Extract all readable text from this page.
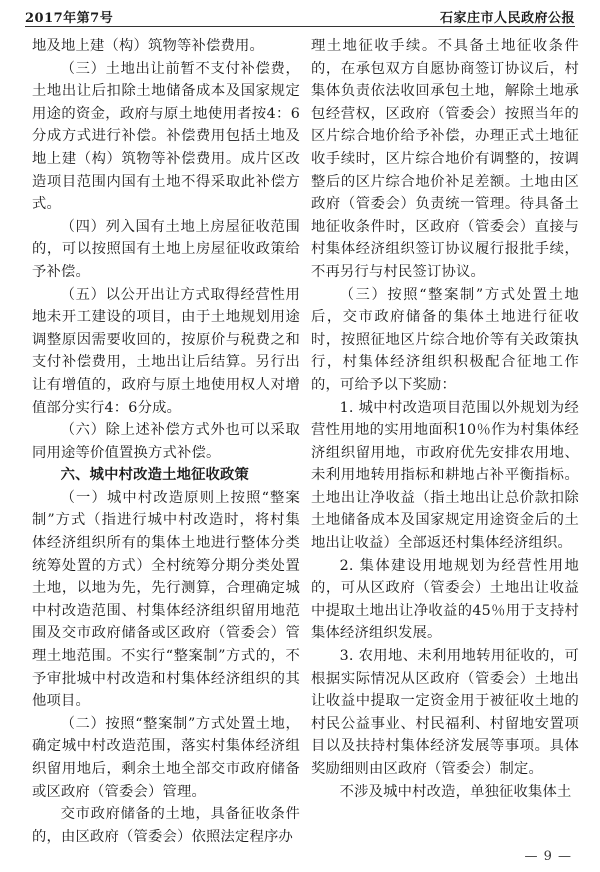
2017年第7号	石家庄市人民政府公报

地及地上建（构）筑物等补偿费用。

（三）土地出让前暂不支付补偿费，土地出让后扣除土地储备成本及国家规定用途的资金，政府与原土地使用者按4：6分成方式进行补偿。补偿费用包括土地及地上建（构）筑物等补偿费用。成片区改造项目范围内国有土地不得采取此补偿方式。

（四）列入国有土地上房屋征收范围的，可以按照国有土地上房屋征收政策给予补偿。

（五）以公开出让方式取得经营性用地未开工建设的项目，由于土地规划用途调整原因需要收回的，按原价与税费之和支付补偿费用，土地出让后结算。另行出让有增值的，政府与原土地使用权人对增值部分实行4：6分成。

（六）除上述补偿方式外也可以采取同用途等价值置换方式补偿。

六、城中村改造土地征收政策

（一）城中村改造原则上按照“整案制”方式（指进行城中村改造时，将村集体经济组织所有的集体土地进行整体分类统筹处置的方式）全村统筹分期分类处置土地，以地为先，先行测算，合理确定城中村改造范围、村集体经济组织留用地范围及交市政府储备或区政府（管委会）管理土地范围。不实行“整案制”方式的，不予审批城中村改造和村集体经济组织的其他项目。

（二）按照“整案制”方式处置土地，确定城中村改造范围，落实村集体经济组织留用地后，剩余土地全部交市政府储备或区政府（管委会）管理。

交市政府储备的土地，具备征收条件的，由区政府（管委会）依照法定程序办

理土地征收手续。不具备土地征收条件的，在承包双方自愿协商签订协议后，村集体负责依法收回承包土地，解除土地承包经营权，区政府（管委会）按照当年的区片综合地价给予补偿，办理正式土地征收手续时，区片综合地价有调整的，按调整后的区片综合地价补足差额。土地由区政府（管委会）负责统一管理。待具备土地征收条件时，区政府（管委会）直接与村集体经济组织签订协议履行报批手续，不再另行与村民签订协议。

（三）按照“整案制”方式处置土地后，交市政府储备的集体土地进行征收时，按照征地区片综合地价等有关政策执行，村集体经济组织积极配合征地工作的，可给予以下奖励：

1. 城中村改造项目范围以外规划为经营性用地的实用地面积10％作为村集体经济组织留用地，市政府优先安排农用地、未利用地转用指标和耕地占补平衡指标。土地出让净收益（指土地出让总价款扣除土地储备成本及国家规定用途资金后的土地出让收益）全部返还村集体经济组织。

2. 集体建设用地规划为经营性用地的，可从区政府（管委会）土地出让收益中提取土地出让净收益的45％用于支持村集体经济组织发展。

3. 农用地、未利用地转用征收的，可根据实际情况从区政府（管委会）土地出让收益中提取一定资金用于被征收土地的村民公益事业、村民福利、村留地安置项目以及扶持村集体经济发展等事项。具体奖励细则由区政府（管委会）制定。

不涉及城中村改造，单独征收集体土

— 9 —
